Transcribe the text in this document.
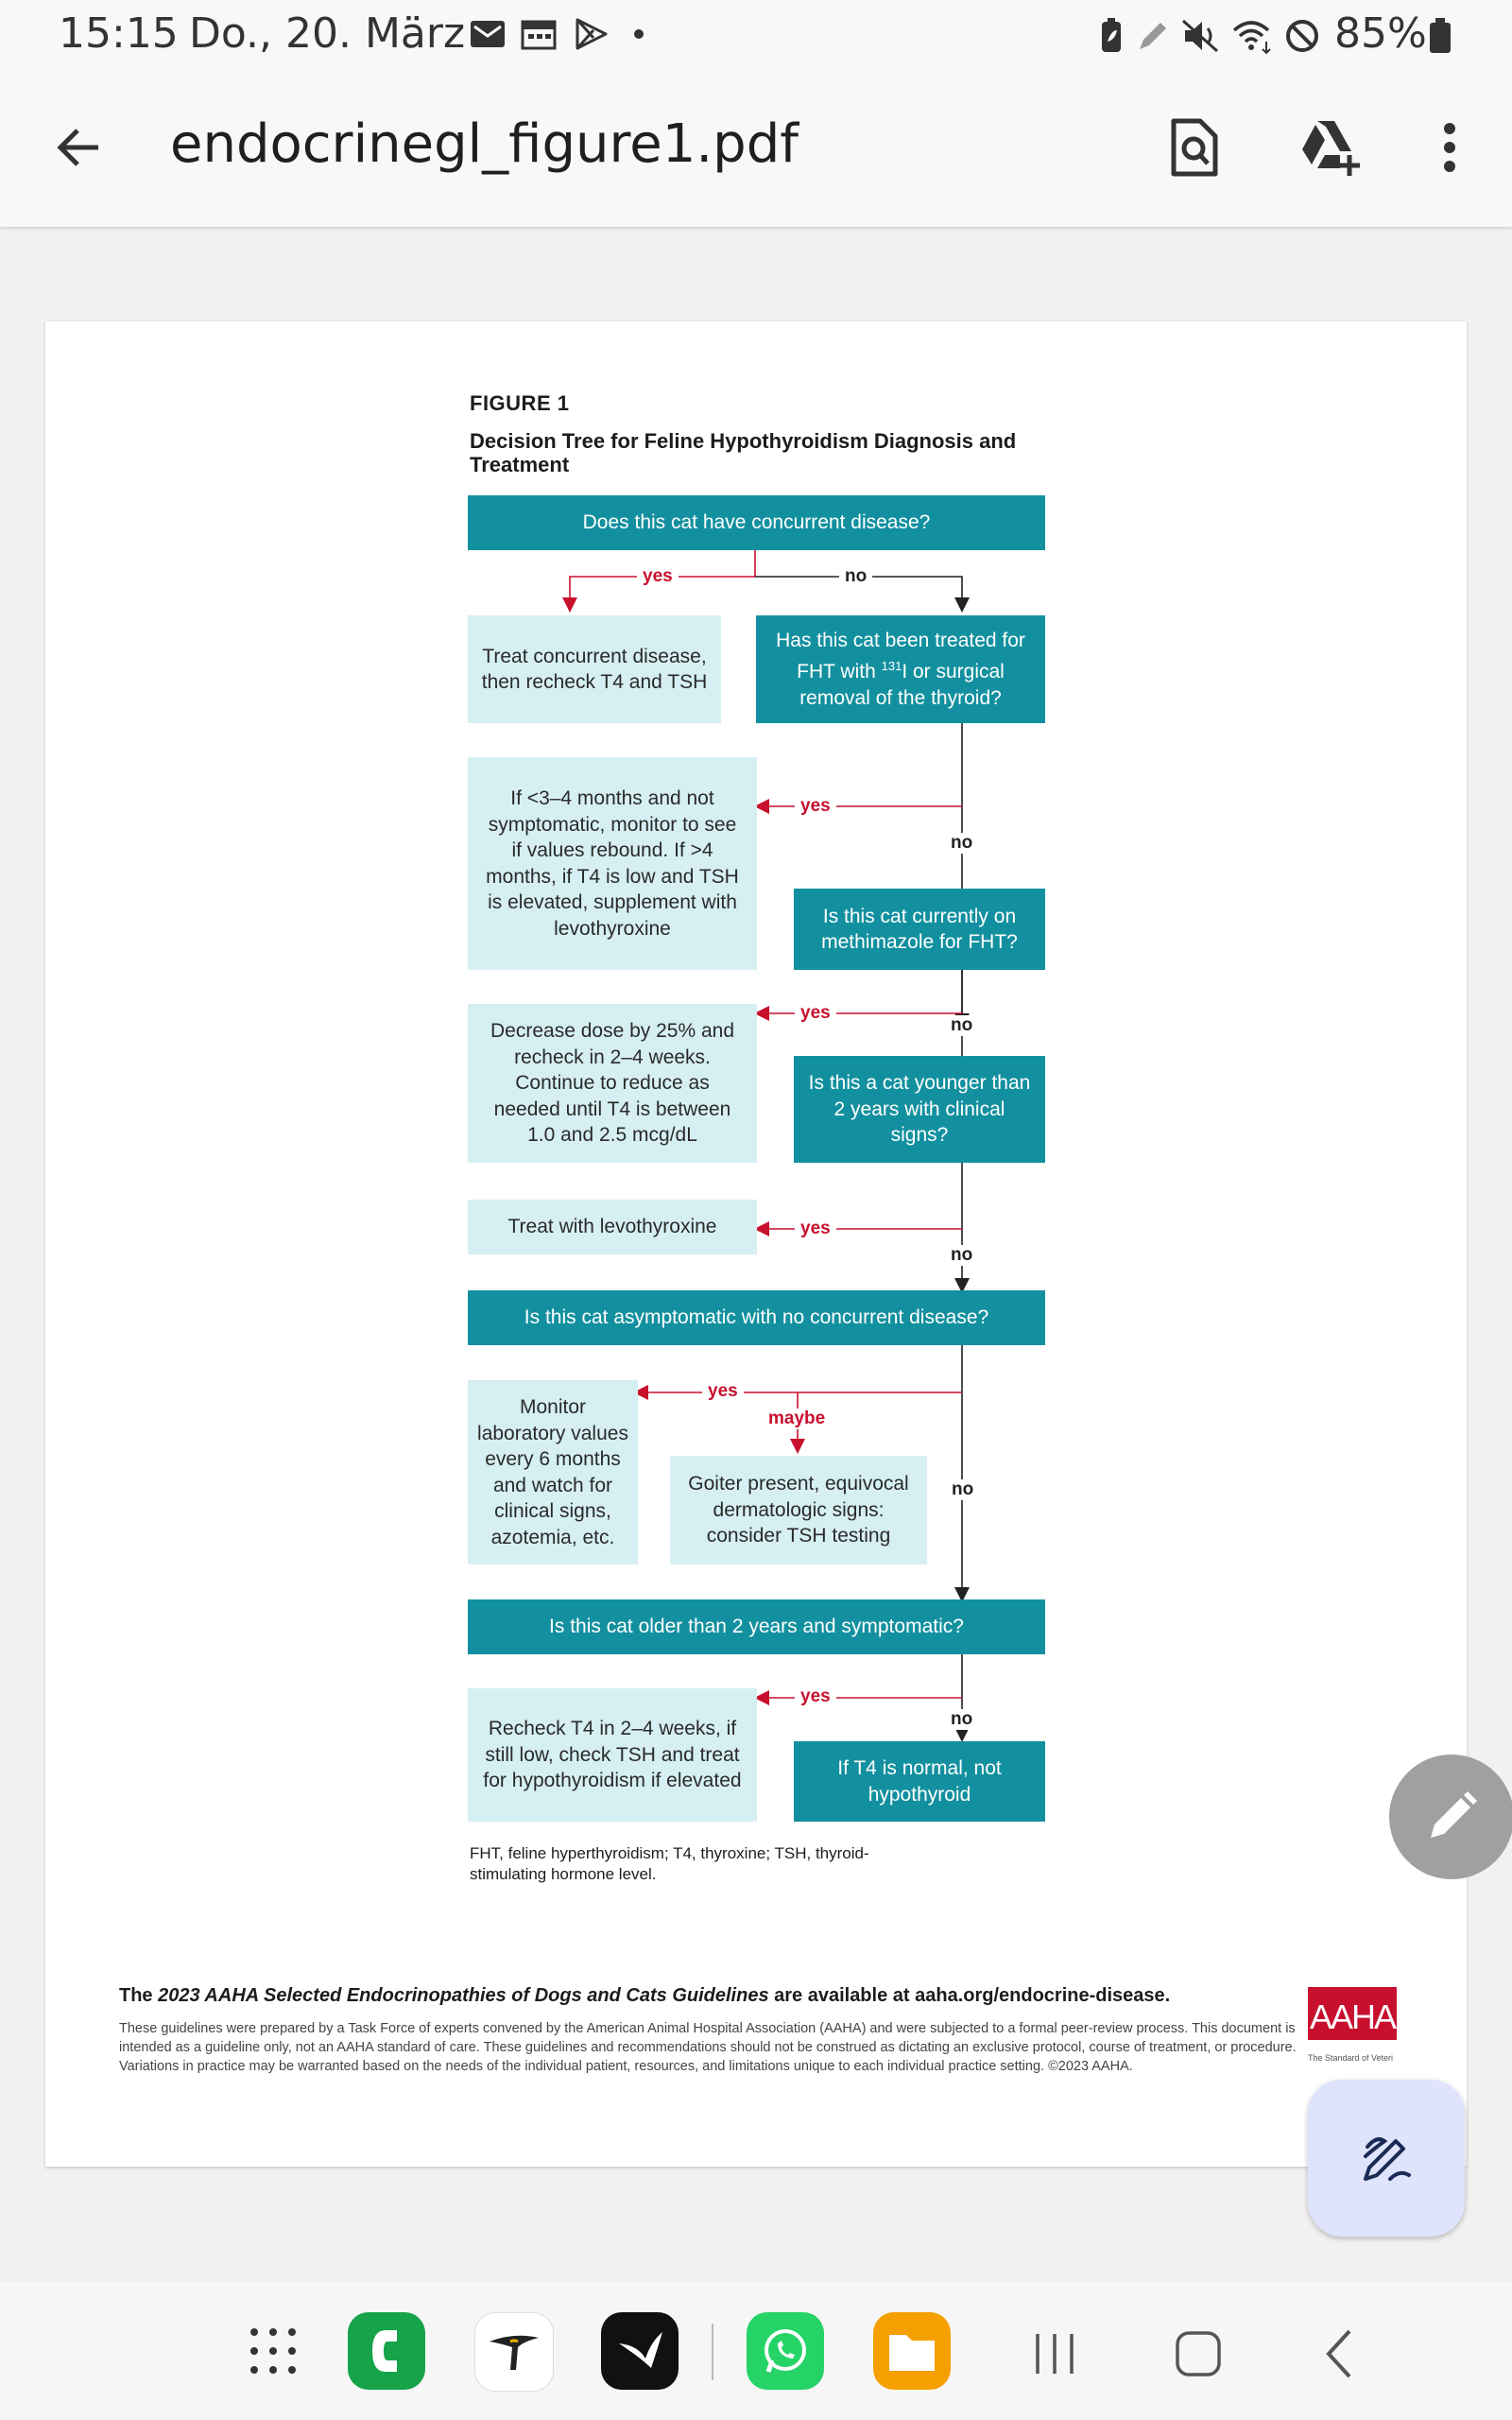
15:15 Do., 20. März	85%
endocrinegl_figure1.pdf
FIGURE 1
Decision Tree for Feline Hypothyroidism Diagnosis and Treatment
Does this cat have concurrent disease?
Treat concurrent disease, then recheck T4 and TSH
Has this cat been treated for FHT with $^{131}$I or surgical removal of the thyroid?
If <3–4 months and not symptomatic, monitor to see if values rebound. If >4 months, if T4 is low and TSH is elevated, supplement with levothyroxine
Is this cat currently on methimazole for FHT?
Decrease dose by 25% and recheck in 2–4 weeks. Continue to reduce as needed until T4 is between 1.0 and 2.5 mcg/dL
Is this a cat younger than 2 years with clinical signs?
Treat with levothyroxine
Is this cat asymptomatic with no concurrent disease?
Monitor laboratory values every 6 months and watch for clinical signs, azotemia, etc.
Goiter present, equivocal dermatologic signs: consider TSH testing
Is this cat older than 2 years and symptomatic?
Recheck T4 in 2–4 weeks, if still low, check TSH and treat for hypothyroidism if elevated
If T4 is normal, not hypothyroid
yes	no
yes
no
yes
no
yes
no
yes
maybe
no
yes
no
FHT, feline hyperthyroidism; T4, thyroxine; TSH, thyroid-stimulating hormone level.
The 2023 AAHA Selected Endocrinopathies of Dogs and Cats Guidelines are available at aaha.org/endocrine-disease.
These guidelines were prepared by a Task Force of experts convened by the American Animal Hospital Association (AAHA) and were subjected to a formal peer-review process. This document is intended as a guideline only, not an AAHA standard of care. These guidelines and recommendations should not be construed as dictating an exclusive protocol, course of treatment, or procedure. Variations in practice may be warranted based on the needs of the individual patient, resources, and limitations unique to each individual practice setting. ©2023 AAHA.
AAHA
The Standard of Veteri
